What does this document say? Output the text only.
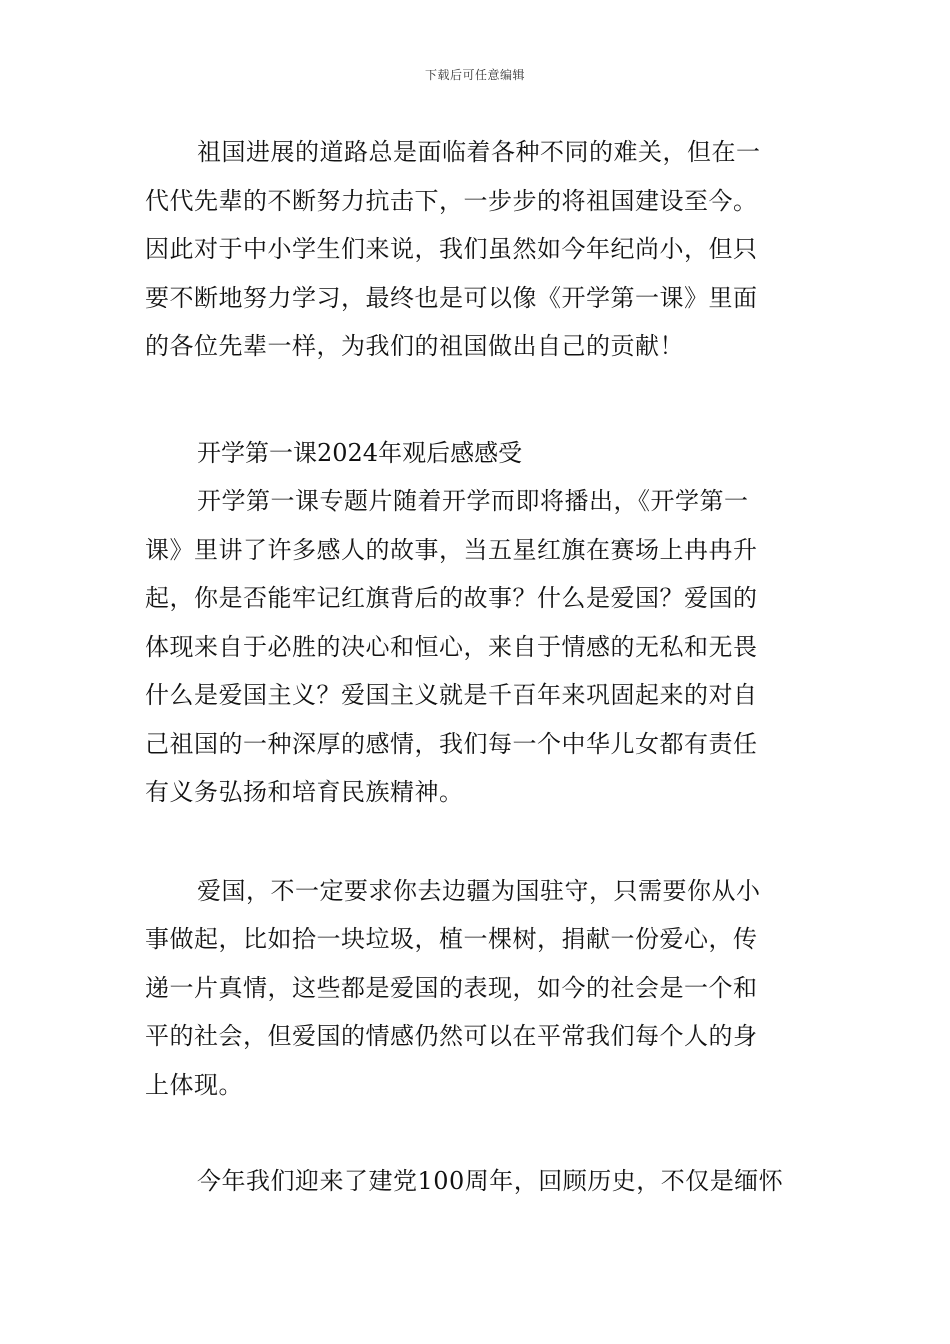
下载后可任意编辑
祖国进展的道路总是面临着各种不同的难关，但在一
代代先辈的不断努力抗击下，一步步的将祖国建设至今。
因此对于中小学生们来说，我们虽然如今年纪尚小，但只
要不断地努力学习，最终也是可以像《开学第一课》里面
的各位先辈一样，为我们的祖国做出自己的贡献！
开学第一课2024年观后感感受
开学第一课专题片随着开学而即将播出，《开学第一
课》里讲了许多感人的故事，当五星红旗在赛场上冉冉升
起，你是否能牢记红旗背后的故事？什么是爱国？爱国的
体现来自于必胜的决心和恒心，来自于情感的无私和无畏
什么是爱国主义？爱国主义就是千百年来巩固起来的对自
己祖国的一种深厚的感情，我们每一个中华儿女都有责任
有义务弘扬和培育民族精神。
爱国，不一定要求你去边疆为国驻守，只需要你从小
事做起，比如拾一块垃圾，植一棵树，捐献一份爱心，传
递一片真情，这些都是爱国的表现，如今的社会是一个和
平的社会，但爱国的情感仍然可以在平常我们每个人的身
上体现。
今年我们迎来了建党100周年，回顾历史，不仅是缅怀
